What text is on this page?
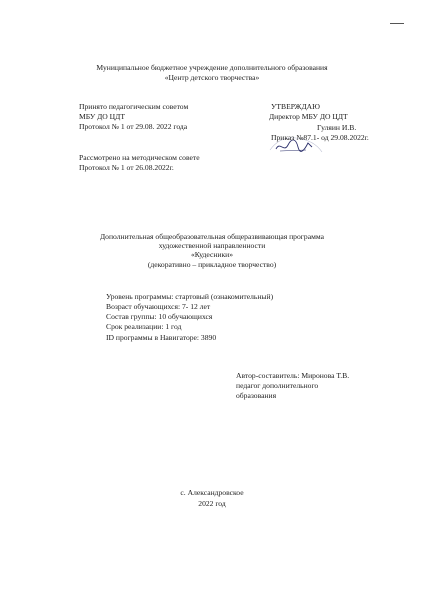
Муниципальное бюджетное учреждение дополнительного образования
«Центр детского творчества»
Принято педагогическим советом
МБУ ДО ЦДТ
Протокол № 1 от 29.08. 2022 года
УТВЕРЖДАЮ
Директор МБУ ДО ЦДТ
Гуляин И.В.
Приказ №87.1- од 29.08.2022г.
Рассмотрено на методическом совете
Протокол № 1 от 26.08.2022г.
Дополнительная общеобразовательная общеразвивающая программа
художественной направленности
«Кудесники»
(декоративно – прикладное творчество)
Уровень программы: стартовый (ознакомительный)
Возраст обучающихся: 7- 12 лет
Состав группы: 10 обучающихся
Срок реализации: 1 год
ID программы в Навигаторе: 3890
Автор-составитель: Миронова Т.В.
педагог дополнительного
образования
с. Александровское
2022 год
